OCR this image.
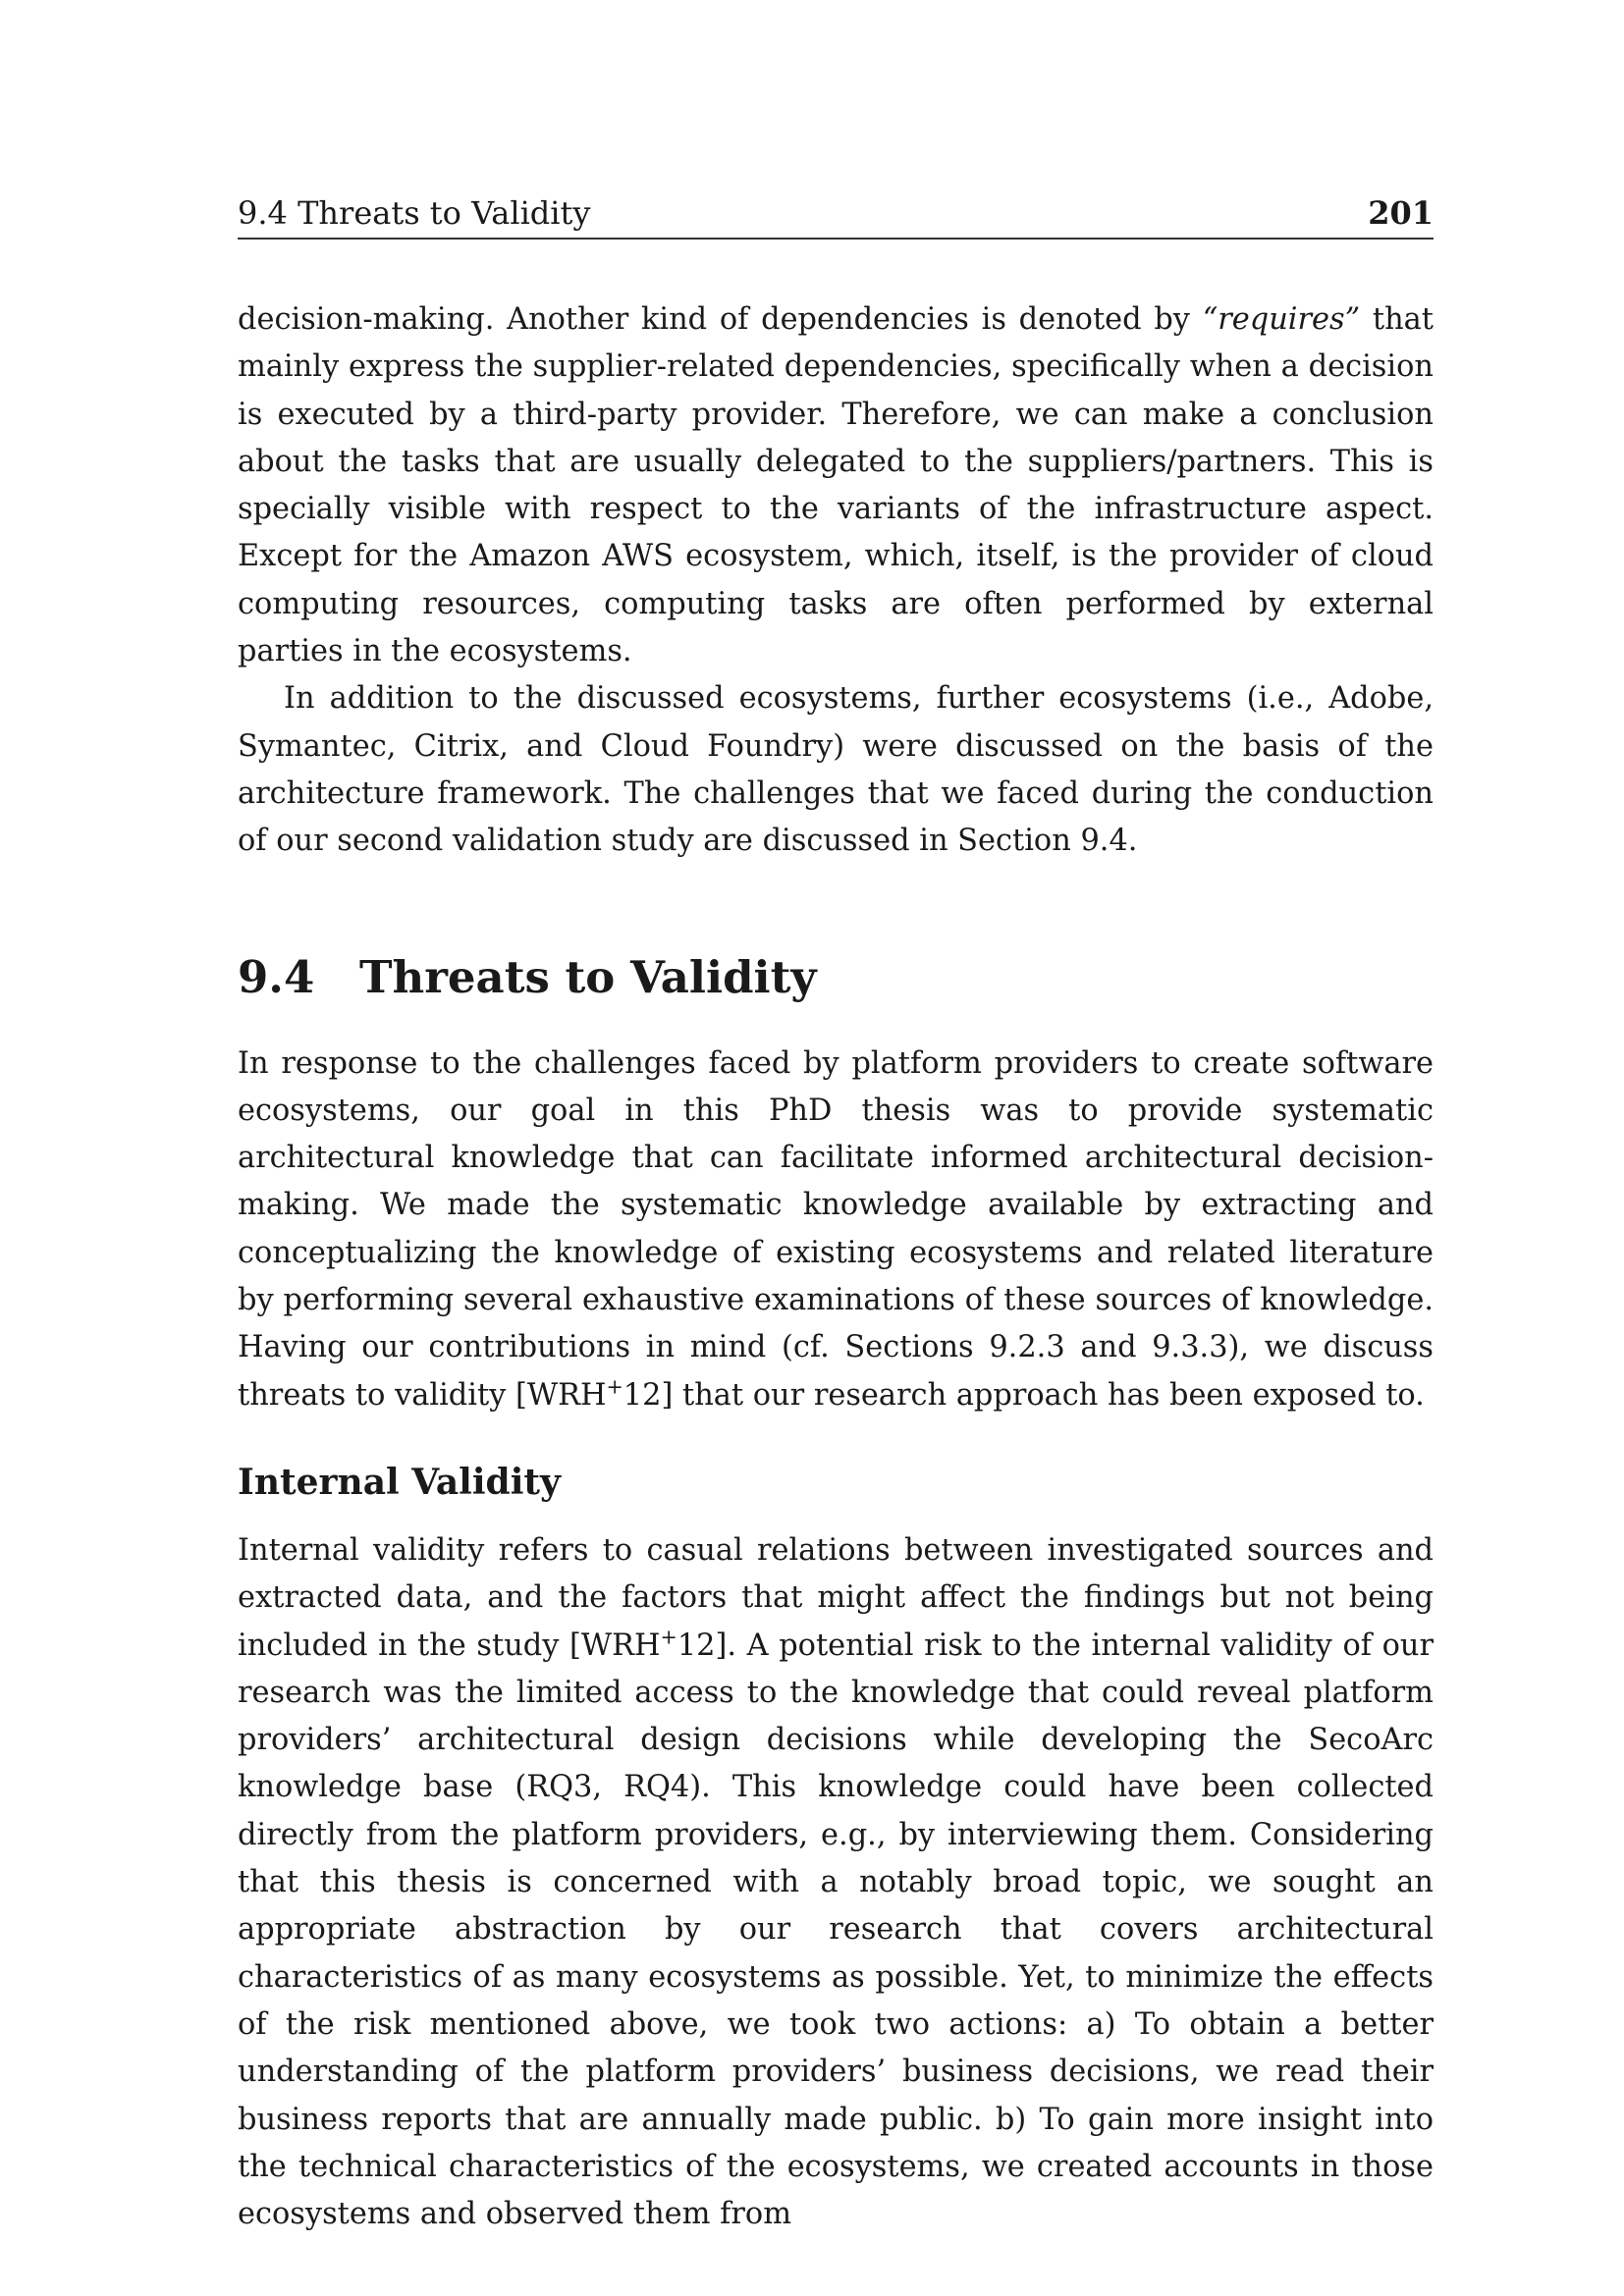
9.4 Threats to Validity	201

decision-making. Another kind of dependencies is denoted by “requires” that mainly express the supplier-related dependencies, specifically when a decision is executed by a third-party provider. Therefore, we can make a conclusion about the tasks that are usually delegated to the suppliers/partners. This is specially visible with respect to the variants of the infrastructure aspect. Except for the Amazon AWS ecosystem, which, itself, is the provider of cloud computing resources, computing tasks are often performed by external parties in the ecosystems.

In addition to the discussed ecosystems, further ecosystems (i.e., Adobe, Symantec, Citrix, and Cloud Foundry) were discussed on the basis of the architecture framework. The challenges that we faced during the conduction of our second validation study are discussed in Section 9.4.

9.4 Threats to Validity

In response to the challenges faced by platform providers to create software ecosystems, our goal in this PhD thesis was to provide systematic architectural knowledge that can facilitate informed architectural decision-making. We made the systematic knowledge available by extracting and conceptualizing the knowledge of existing ecosystems and related literature by performing several exhaustive examinations of these sources of knowledge. Having our contributions in mind (cf. Sections 9.2.3 and 9.3.3), we discuss threats to validity [WRH+12] that our research approach has been exposed to.

Internal Validity

Internal validity refers to casual relations between investigated sources and extracted data, and the factors that might affect the findings but not being included in the study [WRH+12]. A potential risk to the internal validity of our research was the limited access to the knowledge that could reveal platform providers’ architectural design decisions while developing the SecoArc knowledge base (RQ3, RQ4). This knowledge could have been collected directly from the platform providers, e.g., by interviewing them. Considering that this thesis is concerned with a notably broad topic, we sought an appropriate abstraction by our research that covers architectural characteristics of as many ecosystems as possible. Yet, to minimize the effects of the risk mentioned above, we took two actions: a) To obtain a better understanding of the platform providers’ business decisions, we read their business reports that are annually made public. b) To gain more insight into the technical characteristics of the ecosystems, we created accounts in those ecosystems and observed them from
